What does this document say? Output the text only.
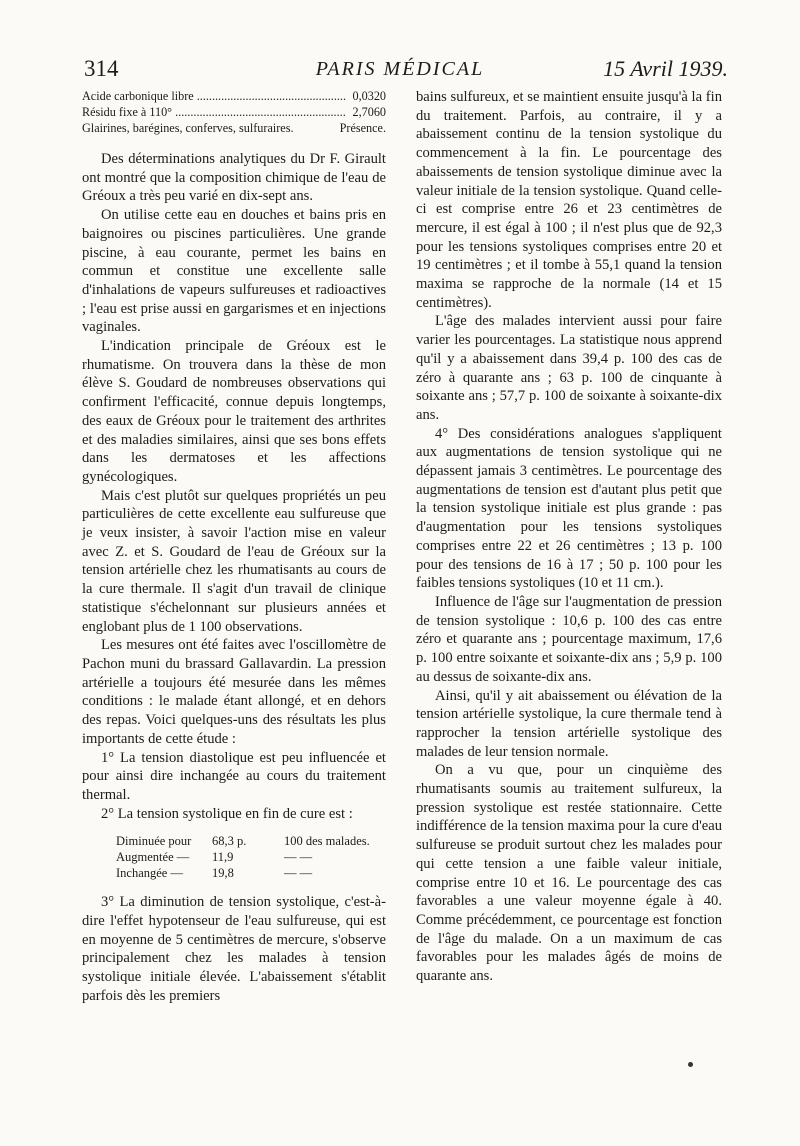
314	PARIS MÉDICAL	15 Avril 1939.
Acide carbonique libre .....	0,0320
Résidu fixe à 110° .....	2,7060
Glairines, barégines, conferves, sulfuraires.	Présence.

Des déterminations analytiques du Dr F. Girault ont montré que la composition chimique de l'eau de Gréoux a très peu varié en dix-sept ans.

On utilise cette eau en douches et bains pris en baignoires ou piscines particulières. Une grande piscine, à eau courante, permet les bains en commun et constitue une excellente salle d'inhalations de vapeurs sulfureuses et radioactives ; l'eau est prise aussi en gargarismes et en injections vaginales.

L'indication principale de Gréoux est le rhumatisme. On trouvera dans la thèse de mon élève S. Goudard de nombreuses observations qui confirment l'efficacité, connue depuis longtemps, des eaux de Gréoux pour le traitement des arthrites et des maladies similaires, ainsi que ses bons effets dans les dermatoses et les affections gynécologiques.

Mais c'est plutôt sur quelques propriétés un peu particulières de cette excellente eau sulfureuse que je veux insister, à savoir l'action mise en valeur avec Z. et S. Goudard de l'eau de Gréoux sur la tension artérielle chez les rhumatisants au cours de la cure thermale. Il s'agit d'un travail de clinique statistique s'échelonnant sur plusieurs années et englobant plus de 1 100 observations.

Les mesures ont été faites avec l'oscillomètre de Pachon muni du brassard Gallavardin. La pression artérielle a toujours été mesurée dans les mêmes conditions : le malade étant allongé, et en dehors des repas. Voici quelques-uns des résultats les plus importants de cette étude :

1° La tension diastolique est peu influencée et pour ainsi dire inchangée au cours du traitement thermal.

2° La tension systolique en fin de cure est :

Diminuée pour	68,3 p.	100 des malades.
Augmentée —	11,9	— —
Inchangée —	19,8	— —

3° La diminution de tension systolique, c'est-à-dire l'effet hypotenseur de l'eau sulfureuse, qui est en moyenne de 5 centimètres de mercure, s'observe principalement chez les malades à tension systolique initiale élevée. L'abaissement s'établit parfois dès les premiers

bains sulfureux, et se maintient ensuite jusqu'à la fin du traitement. Parfois, au contraire, il y a abaissement continu de la tension systolique du commencement à la fin. Le pourcentage des abaissements de tension systolique diminue avec la valeur initiale de la tension systolique. Quand celle-ci est comprise entre 26 et 23 centimètres de mercure, il est égal à 100 ; il n'est plus que de 92,3 pour les tensions systoliques comprises entre 20 et 19 centimètres ; et il tombe à 55,1 quand la tension maxima se rapproche de la normale (14 et 15 centimètres).

L'âge des malades intervient aussi pour faire varier les pourcentages. La statistique nous apprend qu'il y a abaissement dans 39,4 p. 100 des cas de zéro à quarante ans ; 63 p. 100 de cinquante à soixante ans ; 57,7 p. 100 de soixante à soixante-dix ans.

4° Des considérations analogues s'appliquent aux augmentations de tension systolique qui ne dépassent jamais 3 centimètres. Le pourcentage des augmentations de tension est d'autant plus petit que la tension systolique initiale est plus grande : pas d'augmentation pour les tensions systoliques comprises entre 22 et 26 centimètres ; 13 p. 100 pour des tensions de 16 à 17 ; 50 p. 100 pour les faibles tensions systoliques (10 et 11 cm.).

Influence de l'âge sur l'augmentation de pression de tension systolique : 10,6 p. 100 des cas entre zéro et quarante ans ; pourcentage maximum, 17,6 p. 100 entre soixante et soixante-dix ans ; 5,9 p. 100 au dessus de soixante-dix ans.

Ainsi, qu'il y ait abaissement ou élévation de la tension artérielle systolique, la cure thermale tend à rapprocher la tension artérielle systolique des malades de leur tension normale.

On a vu que, pour un cinquième des rhumatisants soumis au traitement sulfureux, la pression systolique est restée stationnaire. Cette indifférence de la tension maxima pour la cure d'eau sulfureuse se produit surtout chez les malades pour qui cette tension a une faible valeur initiale, comprise entre 10 et 16. Le pourcentage des cas favorables a une valeur moyenne égale à 40. Comme précédemment, ce pourcentage est fonction de l'âge du malade. On a un maximum de cas favorables pour les malades âgés de moins de quarante ans.
